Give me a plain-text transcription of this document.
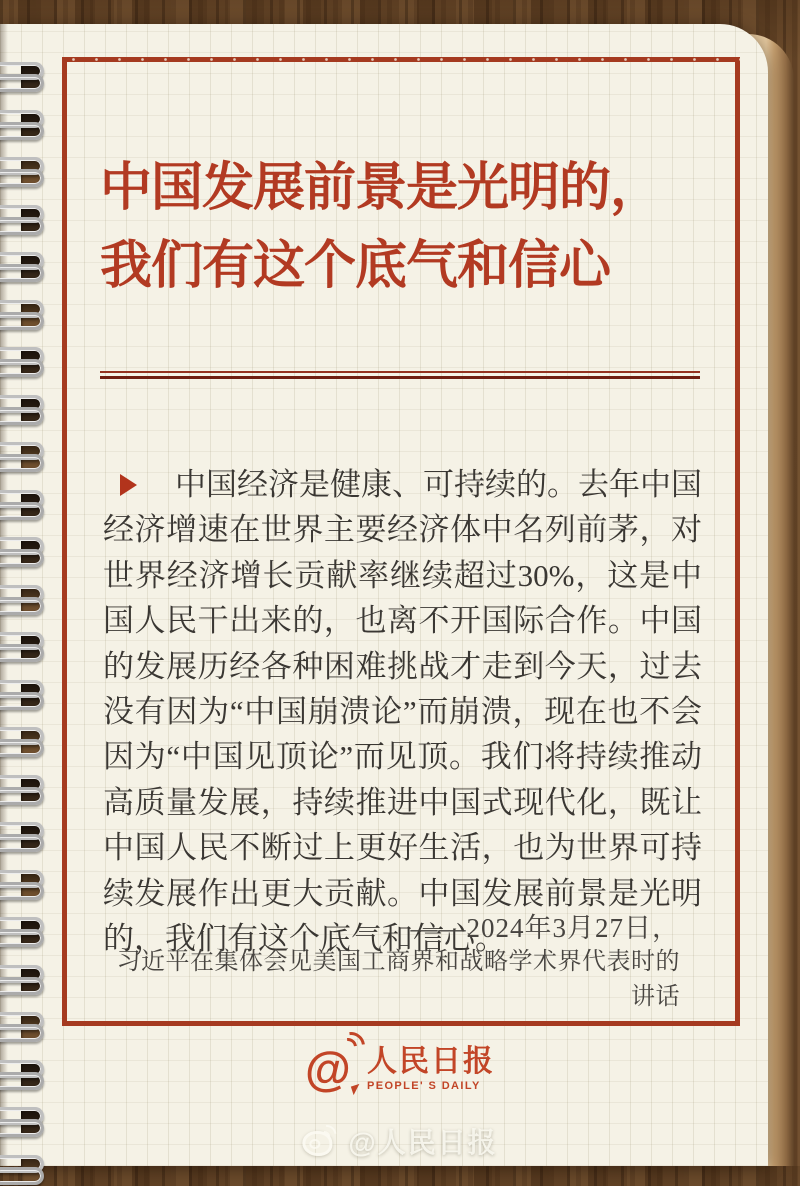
中国发展前景是光明的，
我们有这个底气和信心

中国经济是健康、可持续的。去年中国经济增速在世界主要经济体中名列前茅，对世界经济增长贡献率继续超过30%，这是中国人民干出来的，也离不开国际合作。中国的发展历经各种困难挑战才走到今天，过去没有因为“中国崩溃论”而崩溃，现在也不会因为“中国见顶论”而见顶。我们将持续推动高质量发展，持续推进中国式现代化，既让中国人民不断过上更好生活，也为世界可持续发展作出更大贡献。中国发展前景是光明的，我们有这个底气和信心。

——2024年3月27日，
习近平在集体会见美国工商界和战略学术界代表时的讲话
@ 人民日报
PEOPLE' S DAILY
@人民日报
